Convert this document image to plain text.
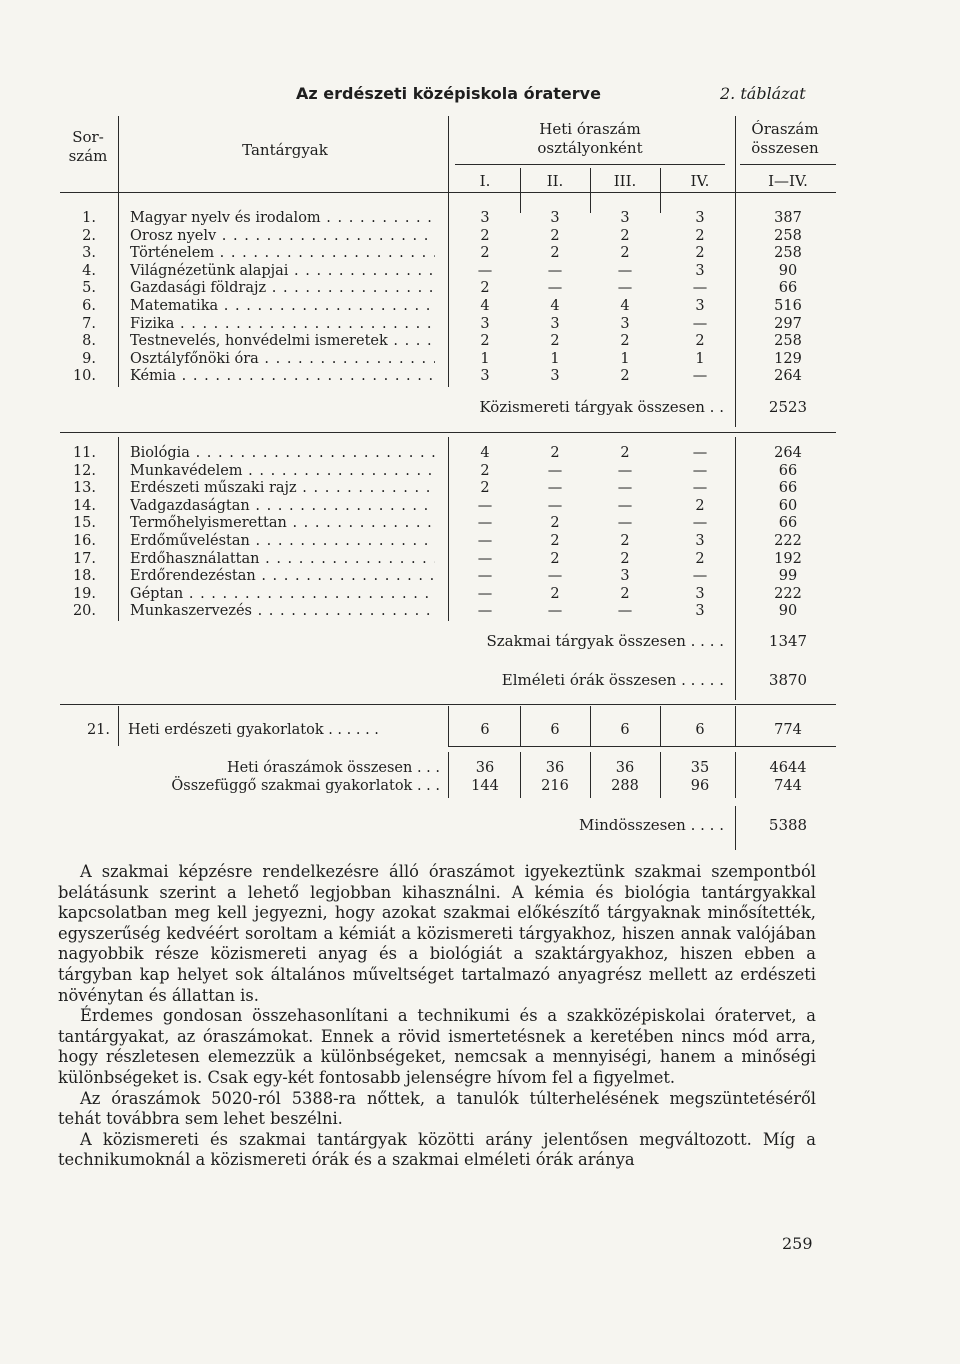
Az erdészeti középiskola óraterve	2. táblázat
Sor-
szám	Tantárgyak
Heti óraszám
osztályonként
Óraszám
összesen
I.	II.	III.	IV.	I—IV.
1. Magyar nyelv és irodalom . . .	3	3	3	3	387
2. Orosz nyelv . . .	2	2	2	2	258
3. Történelem . . .	2	2	2	2	258
4. Világnézetünk alapjai . . .	—	—	—	3	90
5. Gazdasági földrajz . . .	2	—	—	—	66
6. Matematika . . .	4	4	4	3	516
7. Fizika . . .	3	3	3	—	297
8. Testnevelés, honvédelmi ismeretek . . .	2	2	2	2	258
9. Osztályfőnöki óra . . .	1	1	1	1	129
10. Kémia . . .	3	3	2	—	264
Közismereti tárgyak összesen . .	2523
11. Biológia . . .	4	2	2	—	264
12. Munkavédelem . . .	2	—	—	—	66
13. Erdészeti műszaki rajz . . .	2	—	—	—	66
14. Vadgazdaságtan . . .	—	—	—	2	60
15. Termőhelyismerettan . . .	—	2	—	—	66
16. Erdőműveléstan . . .	—	2	2	3	222
17. Erdőhasználattan . . .	—	2	2	2	192
18. Erdőrendezéstan . . .	—	—	3	—	99
19. Géptan . . .	—	2	2	3	222
20. Munkaszervezés . . .	—	—	—	3	90
Szakmai tárgyak összesen . . . .	1347
Elméleti órák összesen . . . . .	3870
21. Heti erdészeti gyakorlatok . . . . . .	6	6	6	6	774
Heti óraszámok összesen . . .	36	36	36	35	4644
Összefüggő szakmai gyakorlatok . . .	144	216	288	96	744
Mindösszesen . . . .	5388

A szakmai képzésre rendelkezésre álló óraszámot igyekeztünk szakmai szempontból belátásunk szerint a lehető legjobban kihasználni. A kémia és biológia tantárgyakkal kapcsolatban meg kell jegyezni, hogy azokat szakmai előkészítő tárgyaknak minősítették, egyszerűség kedvéért soroltam a kémiát a közismereti tárgyakhoz, hiszen annak valójában nagyobbik része közismereti anyag és a biológiát a szaktárgyakhoz, hiszen ebben a tárgyban kap helyet sok általános műveltséget tartalmazó anyagrész mellett az erdészeti növénytan és állattan is.

Érdemes gondosan összehasonlítani a technikumi és a szakközépiskolai óratervet, a tantárgyakat, az óraszámokat. Ennek a rövid ismertetésnek a keretében nincs mód arra, hogy részletesen elemezzük a különbségeket, nemcsak a mennyiségi, hanem a minőségi különbségeket is. Csak egy-két fontosabb jelenségre hívom fel a figyelmet.

Az óraszámok 5020-ról 5388-ra nőttek, a tanulók túlterhelésének megszüntetéséről tehát továbbra sem lehet beszélni.

A közismereti és szakmai tantárgyak közötti arány jelentősen megváltozott. Míg a technikumoknál a közismereti órák és a szakmai elméleti órák aránya

259
